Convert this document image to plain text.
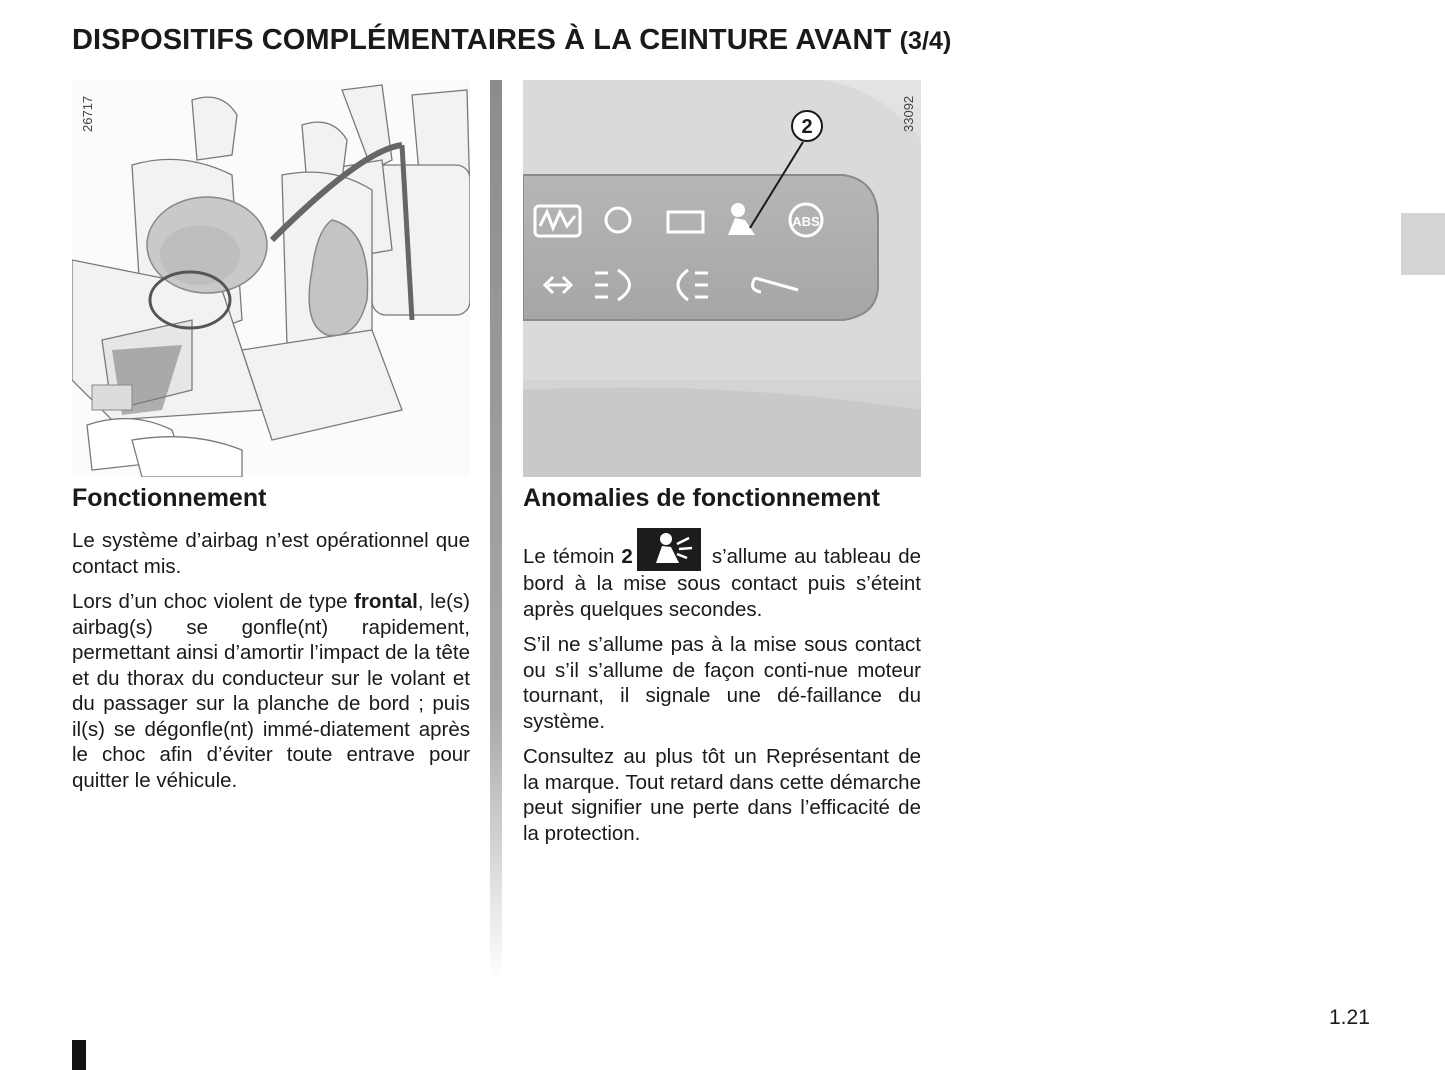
DISPOSITIFS COMPLÉMENTAIRES À LA CEINTURE AVANT (3/4)
26717
ABS
2	33092
Fonctionnement

Le système d’airbag n’est opérationnel que contact mis.

Lors d’un choc violent de type frontal, le(s) airbag(s) se gonfle(nt) rapidement, permettant ainsi d’amortir l’impact de la tête et du thorax du conducteur sur le volant et du passager sur la planche de bord ; puis il(s) se dégonfle(nt) immé-diatement après le choc afin d’éviter toute entrave pour quitter le véhicule.

Anomalies de fonctionnement

Le témoin 2	s’allume au tableau de bord à la mise sous contact puis s’éteint après quelques secondes.

S’il ne s’allume pas à la mise sous contact ou s’il s’allume de façon conti-nue moteur tournant, il signale une dé-faillance du système.

Consultez au plus tôt un Représentant de la marque. Tout retard dans cette démarche peut signifier une perte dans l’efficacité de la protection.

1.21
